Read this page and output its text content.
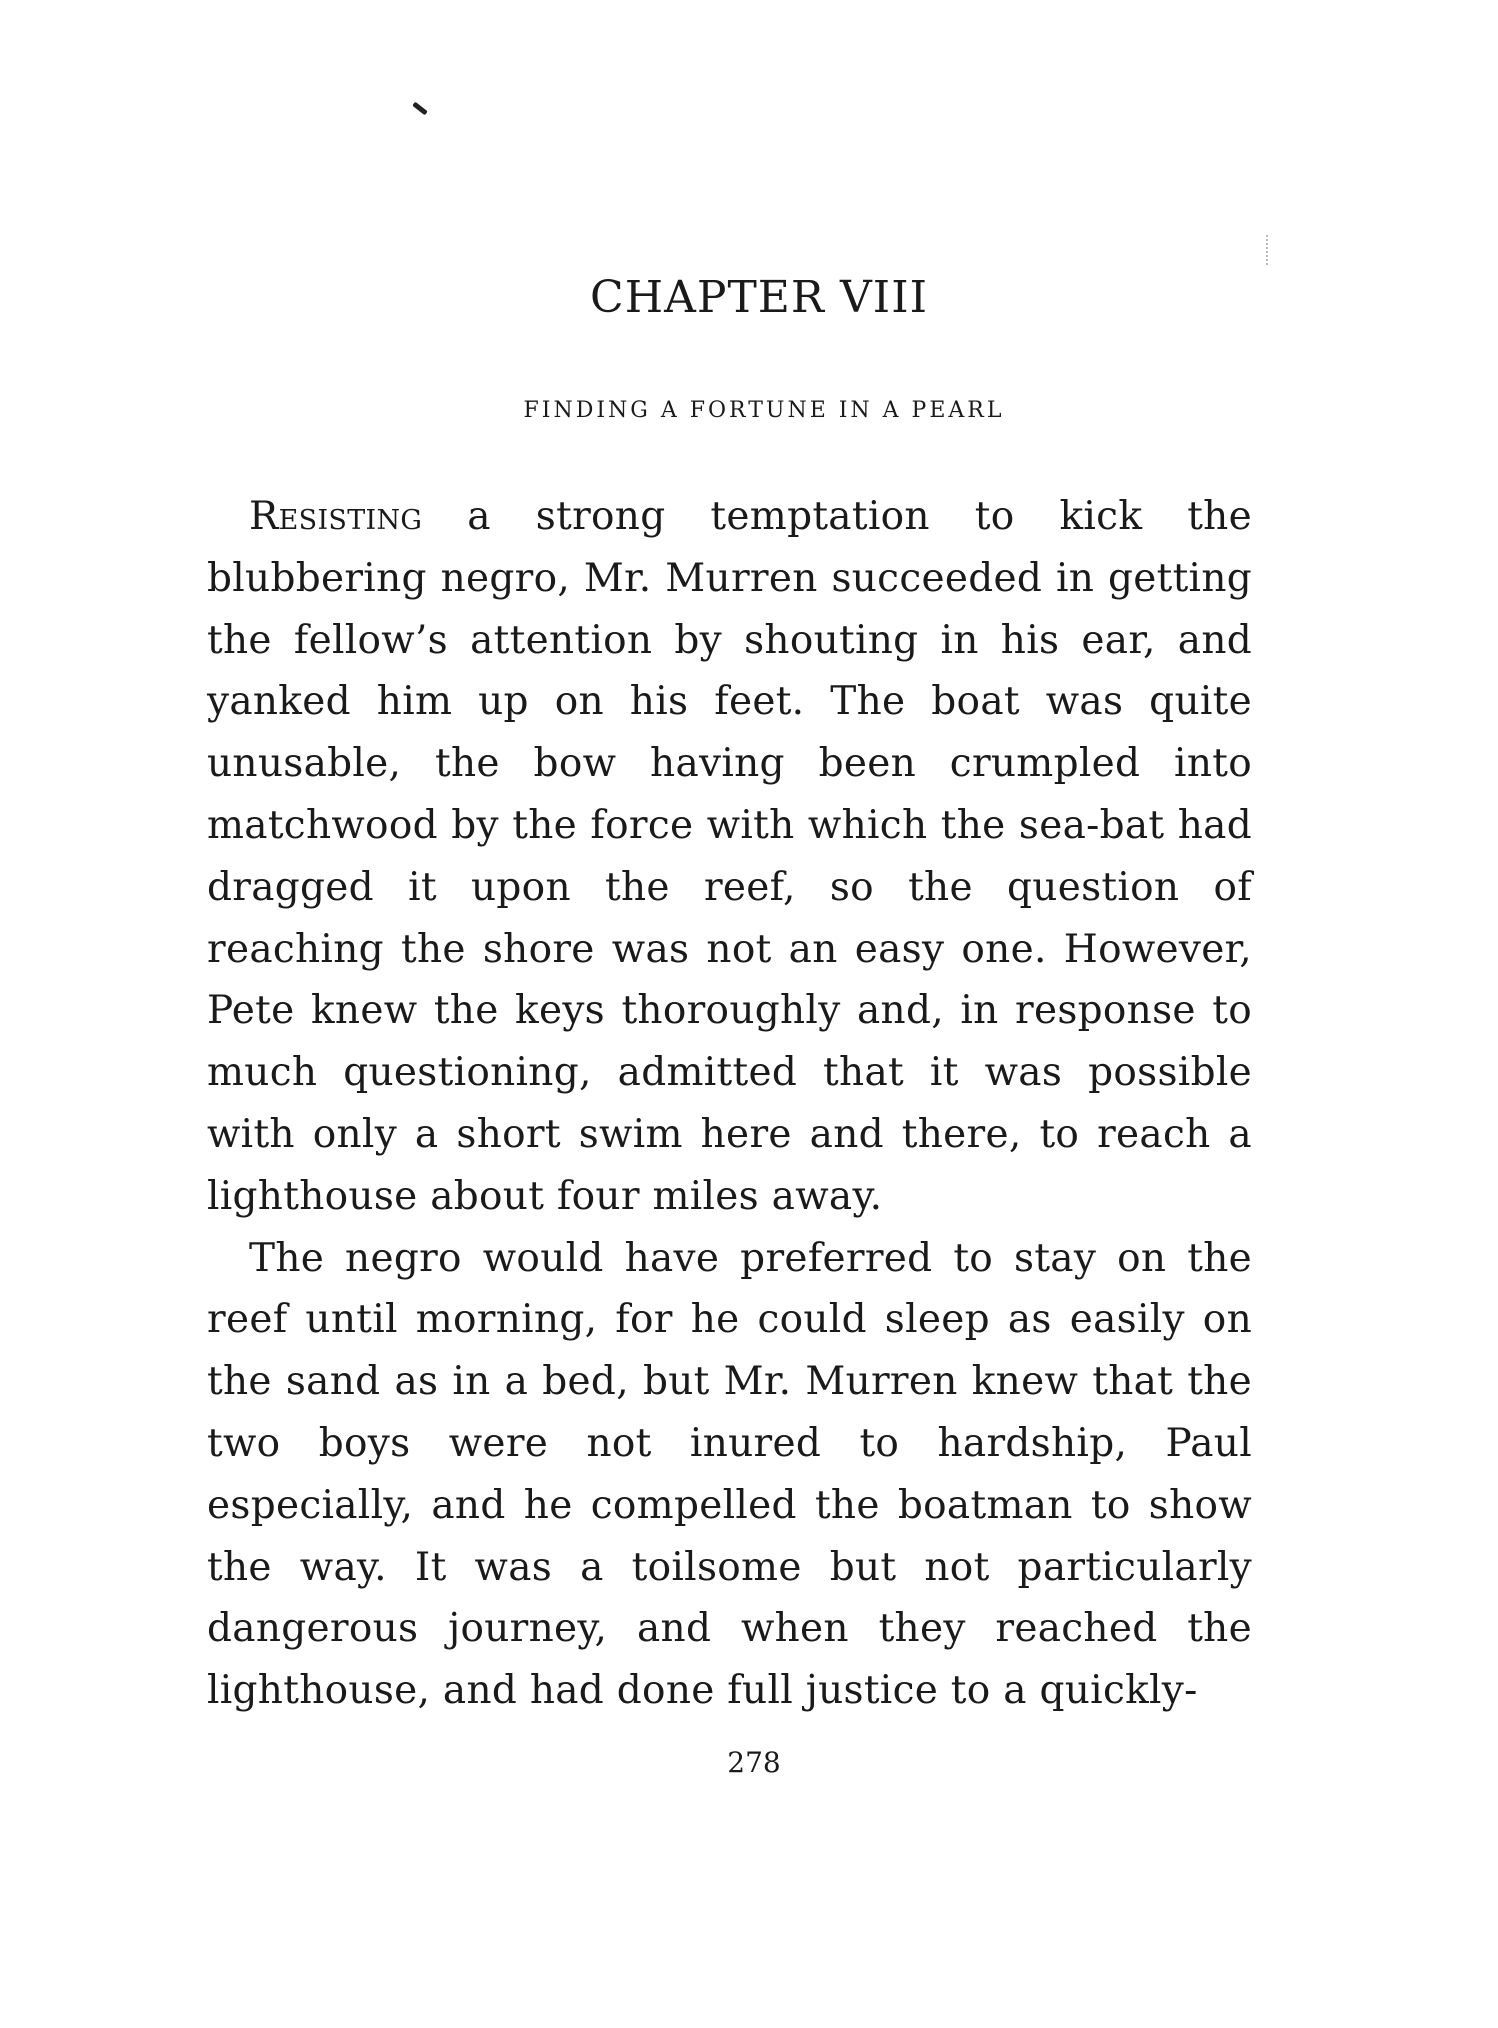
CHAPTER VIII
FINDING A FORTUNE IN A PEARL

Resisting a strong temptation to kick the blubbering negro, Mr. Murren succeeded in getting the fellow’s attention by shouting in his ear, and yanked him up on his feet. The boat was quite unusable, the bow having been crumpled into matchwood by the force with which the sea-bat had dragged it upon the reef, so the question of reaching the shore was not an easy one. However, Pete knew the keys thoroughly and, in response to much questioning, admitted that it was possible with only a short swim here and there, to reach a lighthouse about four miles away.

The negro would have preferred to stay on the reef until morning, for he could sleep as easily on the sand as in a bed, but Mr. Murren knew that the two boys were not inured to hardship, Paul especially, and he compelled the boatman to show the way. It was a toilsome but not particularly dangerous journey, and when they reached the lighthouse, and had done full justice to a quickly-

278
